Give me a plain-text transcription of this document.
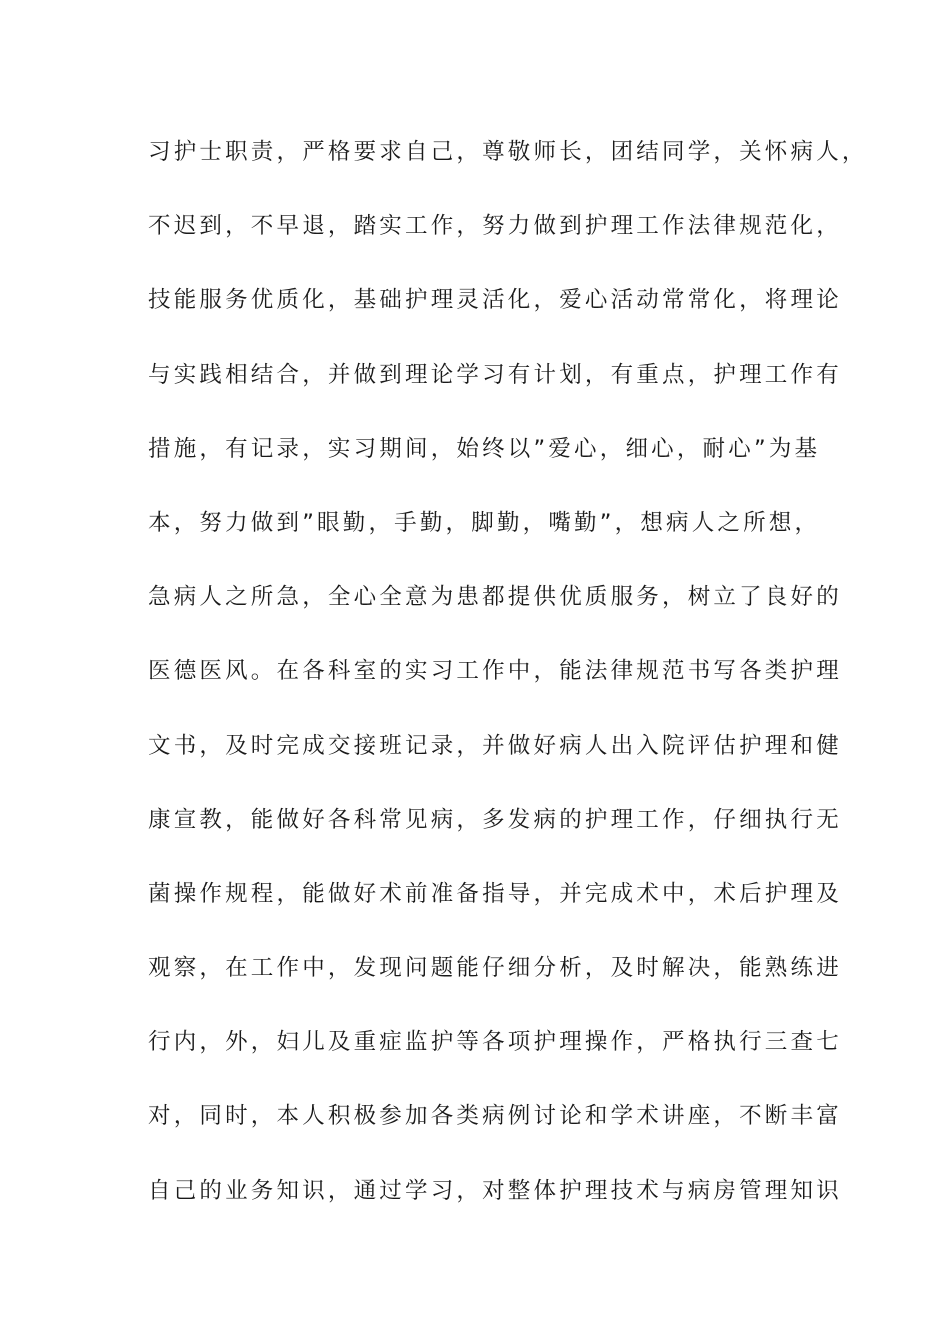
习护士职责，严格要求自己，尊敬师长，团结同学，关怀病人，
不迟到，不早退，踏实工作，努力做到护理工作法律规范化，
技能服务优质化，基础护理灵活化，爱心活动常常化，将理论
与实践相结合，并做到理论学习有计划，有重点，护理工作有
措施，有记录，实习期间，始终以”爱心，细心，耐心”为基
本，努力做到”眼勤，手勤，脚勤，嘴勤”，想病人之所想，
急病人之所急，全心全意为患都提供优质服务，树立了良好的
医德医风。在各科室的实习工作中，能法律规范书写各类护理
文书，及时完成交接班记录，并做好病人出入院评估护理和健
康宣教，能做好各科常见病，多发病的护理工作，仔细执行无
菌操作规程，能做好术前准备指导，并完成术中，术后护理及
观察，在工作中，发现问题能仔细分析，及时解决，能熟练进
行内，外，妇儿及重症监护等各项护理操作，严格执行三查七
对，同时，本人积极参加各类病例讨论和学术讲座，不断丰富
自己的业务知识，通过学习，对整体护理技术与病房管理知识
